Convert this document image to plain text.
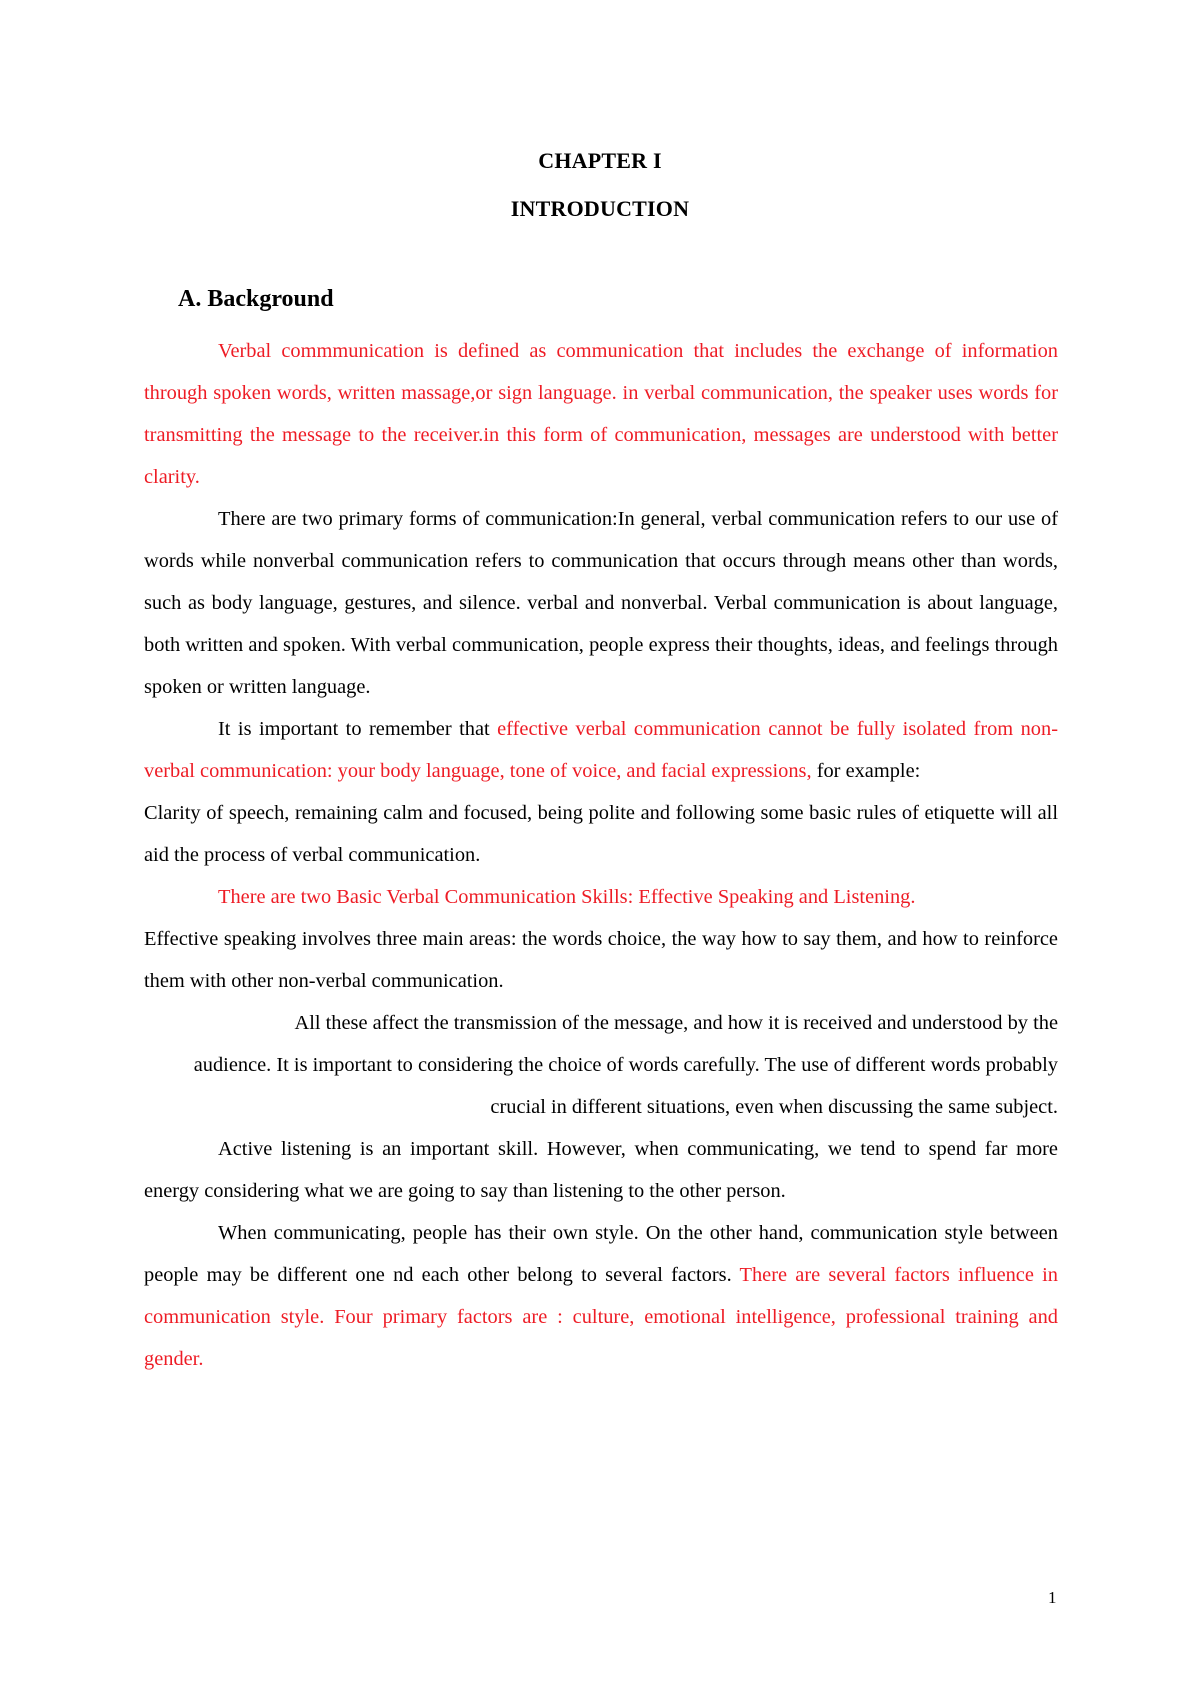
CHAPTER I
INTRODUCTION
A. Background

Verbal commmunication is defined as communication that includes the exchange of information through spoken words, written massage,or sign language. in verbal communication, the speaker uses words for transmitting the message to the receiver.in this form of communication, messages are understood with better clarity.

There are two primary forms of communication:In general, verbal communication refers to our use of words while nonverbal communication refers to communication that occurs through means other than words, such as body language, gestures, and silence. verbal and nonverbal. Verbal communication is about language, both written and spoken. With verbal communication, people express their thoughts, ideas, and feelings through spoken or written language.

It is important to remember that effective verbal communication cannot be fully isolated from non-verbal communication: your body language, tone of voice, and facial expressions, for example:

Clarity of speech, remaining calm and focused, being polite and following some basic rules of etiquette will all aid the process of verbal communication.

There are two Basic Verbal Communication Skills: Effective Speaking and Listening.

Effective speaking involves three main areas: the words choice, the way how to say them, and how to reinforce them with other non-verbal communication.

All these affect the transmission of the message, and how it is received and understood by the audience. It is important to considering the choice of words carefully. The use of different words probably crucial in different situations, even when discussing the same subject.

Active listening is an important skill. However, when communicating, we tend to spend far more energy considering what we are going to say than listening to the other person.

When communicating, people has their own style. On the other hand, communication style between people may be different one nd each other belong to several factors. There are several factors influence in communication style. Four primary factors are : culture, emotional intelligence, professional training and gender.

1
